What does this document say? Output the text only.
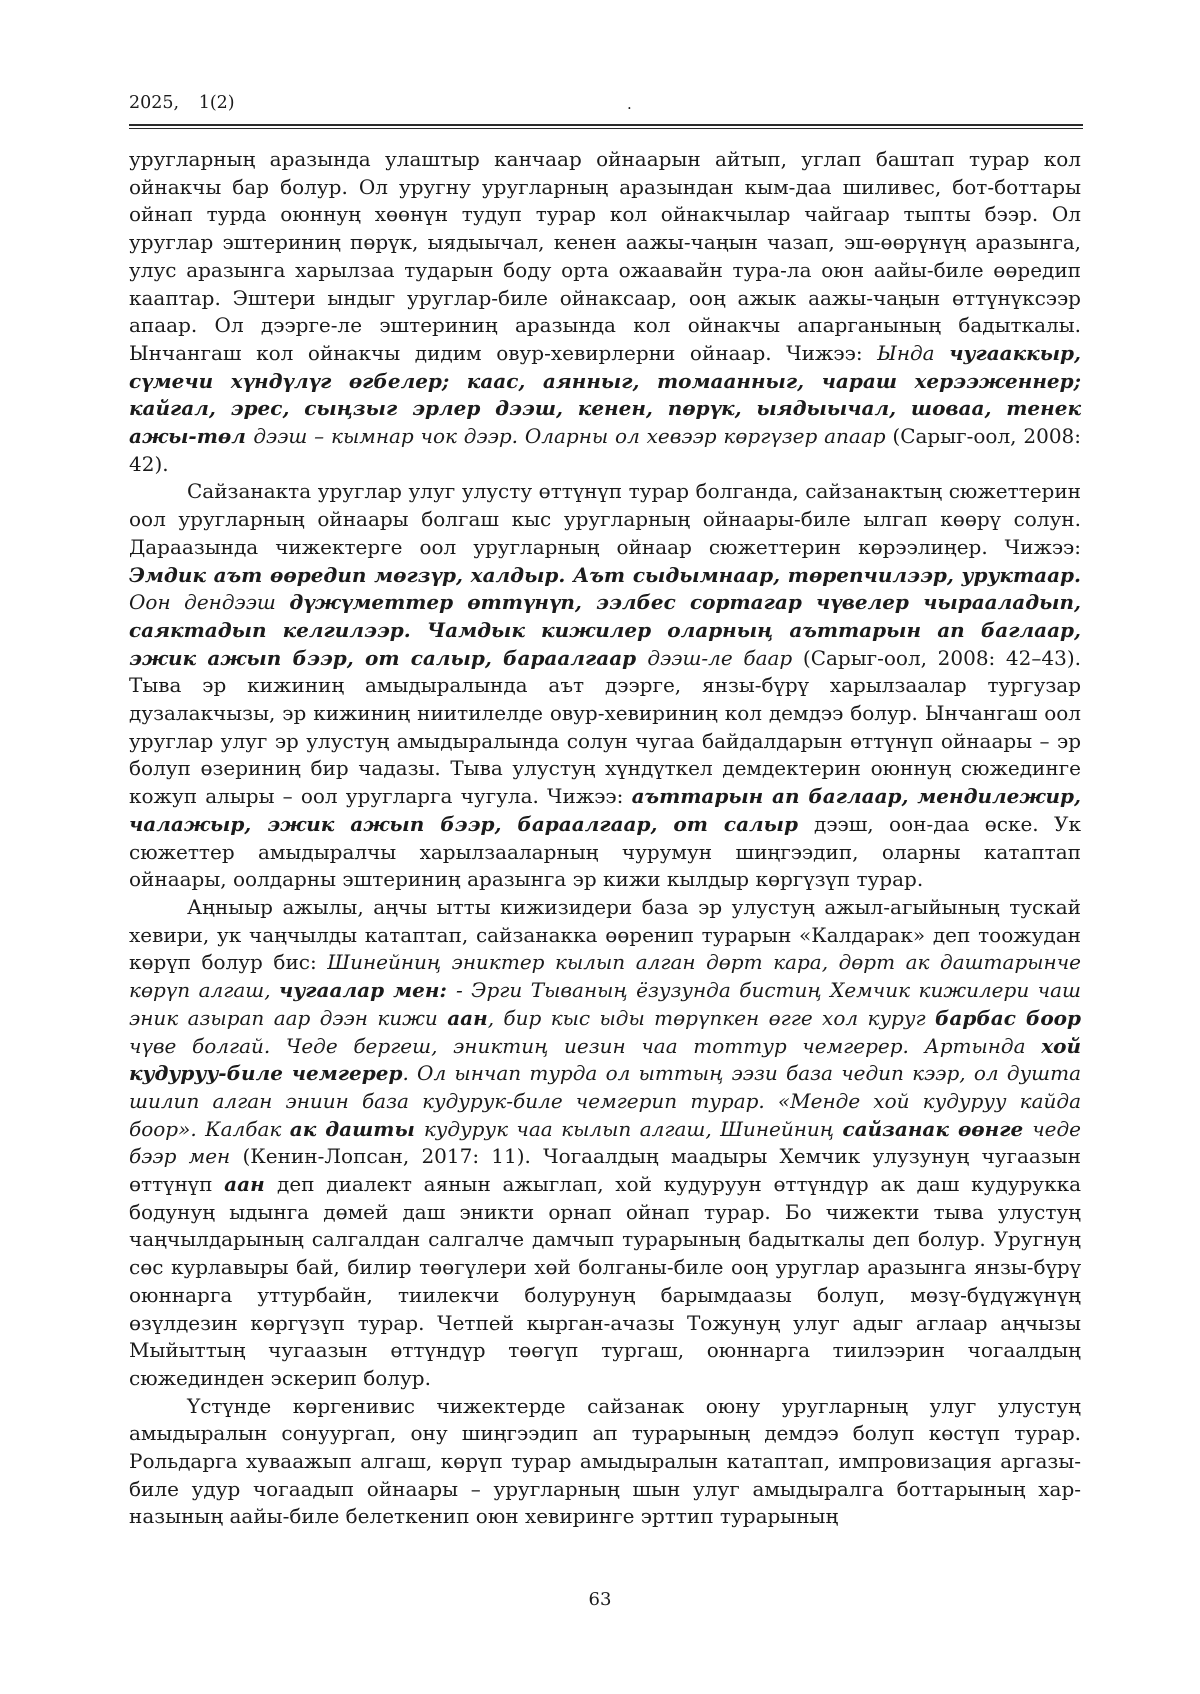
2025, 1(2)	.

уругларның аразында улаштыр канчаар ойнаарын айтып, углап баштап турар кол ойнакчы бар болур. Ол уругну уругларның аразындан кым-даа шиливес, бот-боттары ойнап турда оюннуң хөөнүн тудуп турар кол ойнакчылар чайгаар тыпты бээр. Ол уруглар эштериниң пөрүк, ыядыычал, кенен аажы-чаңын чазап, эш-өөрүнүң аразынга, улус аразынга харылзаа тударын боду орта ожаавайн тура-ла оюн аайы-биле өөредип кааптар. Эштери ындыг уруглар-биле ойнаксаар, ооң ажык аажы-чаңын өттүнүксээр апаар. Ол дээрге-ле эштериниң аразында кол ойнакчы апарганының бадыткалы. Ынчангаш кол ойнакчы дидим овур-хевирлерни ойнаар. Чижээ: Ында чугааккыр, сүмечи хүндүлүг өгбелер; каас, аянныг, томаанныг, чараш херээженнер; кайгал, эрес, сыңзыг эрлер дээш, кенен, пөрүк, ыядыычал, шоваа, тенек ажы-төл дээш – кымнар чок дээр. Оларны ол хевээр көргүзер апаар (Сарыг-оол, 2008: 42).

Сайзанакта уруглар улуг улусту өттүнүп турар болганда, сайзанактың сюжеттерин оол уругларның ойнаары болгаш кыс уругларның ойнаары-биле ылгап көөрү солун. Дараазында чижектерге оол уругларның ойнаар сюжеттерин көрээлиңер. Чижээ: Эмдик аът өөредип мөгзүр, халдыр. Аът сыдымнаар, төрепчилээр, уруктаар. Оон дендээш дүжүметтер өттүнүп, ээлбес сортагар чүвелер чырааладып, саяктадып келгилээр. Чамдык кижилер оларның аъттарын ап баглаар, эжик ажып бээр, от салыр, бараалгаар дээш-ле баар (Сарыг-оол, 2008: 42–43). Тыва эр кижиниң амыдыралында аът дээрге, янзы-бүрү харылзаалар тургузар дузалакчызы, эр кижиниң ниитилелде овур-хевириниң кол демдээ болур. Ынчангаш оол уруглар улуг эр улустуң амыдыралында солун чугаа байдалдарын өттүнүп ойнаары – эр болуп өзериниң бир чадазы. Тыва улустуң хүндүткел демдектерин оюннуң сюжединге кожуп алыры – оол уругларга чугула. Чижээ: аъттарын ап баглаар, мендилежир, чалажыр, эжик ажып бээр, бараалгаар, от салыр дээш, оон-даа өске. Ук сюжеттер амыдыралчы харылзааларның чурумун шиңгээдип, оларны катаптап ойнаары, оолдарны эштериниң аразынга эр кижи кылдыр көргүзүп турар.

Аңныыр ажылы, аңчы ытты кижизидери база эр улустуң ажыл-агыйының тускай хевири, ук чаңчылды катаптап, сайзанакка өөренип турарын «Калдарак» деп тоожудан көрүп болур бис: Шинейниң эниктер кылып алган дөрт кара, дөрт ак даштарынче көрүп алгаш, чугаалар мен: - Эрги Тываның ёзузунда бистиң Хемчик кижилери чаш эник азырап аар дээн кижи аан, бир кыс ыды төрүпкен өгге хол куруг барбас боор чүве болгай. Чеде бергеш, эниктиң иезин чаа тоттур чемгерер. Артында хой кудуруу-биле чемгерер. Ол ынчап турда ол ыттың ээзи база чедип кээр, ол душта шилип алган эниин база кудурук-биле чемгерип турар. «Менде хой кудуруу кайда боор». Калбак ак дашты кудурук чаа кылып алгаш, Шинейниң сайзанак өөнге чеде бээр мен (Кенин-Лопсан, 2017: 11). Чогаалдың маадыры Хемчик улузунуң чугаазын өттүнүп аан деп диалект аянын ажыглап, хой кудуруун өттүндүр ак даш кудурукка бодунуң ыдынга дөмей даш эникти орнап ойнап турар. Бо чижекти тыва улустуң чаңчылдарының салгалдан салгалче дамчып турарының бадыткалы деп болур. Уругнуң сөс курлавыры бай, билир төөгүлери хөй болганы-биле ооң уруглар аразынга янзы-бүрү оюннарга уттурбайн, тиилекчи болурунуң барымдаазы болуп, мөзү-бүдүжүнүң өзүлдезин көргүзүп турар. Четпей кырган-ачазы Тожунуң улуг адыг аглаар аңчызы Мыйыттың чугаазын өттүндүр төөгүп тургаш, оюннарга тиилээрин чогаалдың сюжединден эскерип болур.

Үстүнде көргенивис чижектерде сайзанак оюну уругларның улуг улустуң амыдыралын сонуургап, ону шиңгээдип ап турарының демдээ болуп көстүп турар. Рольдарга хуваажып алгаш, көрүп турар амыдыралын катаптап, импровизация аргазы-биле удур чогаадып ойнаары – уругларның шын улуг амыдыралга боттарының хар-назының аайы-биле белеткенип оюн хевиринге эрттип турарының

63
